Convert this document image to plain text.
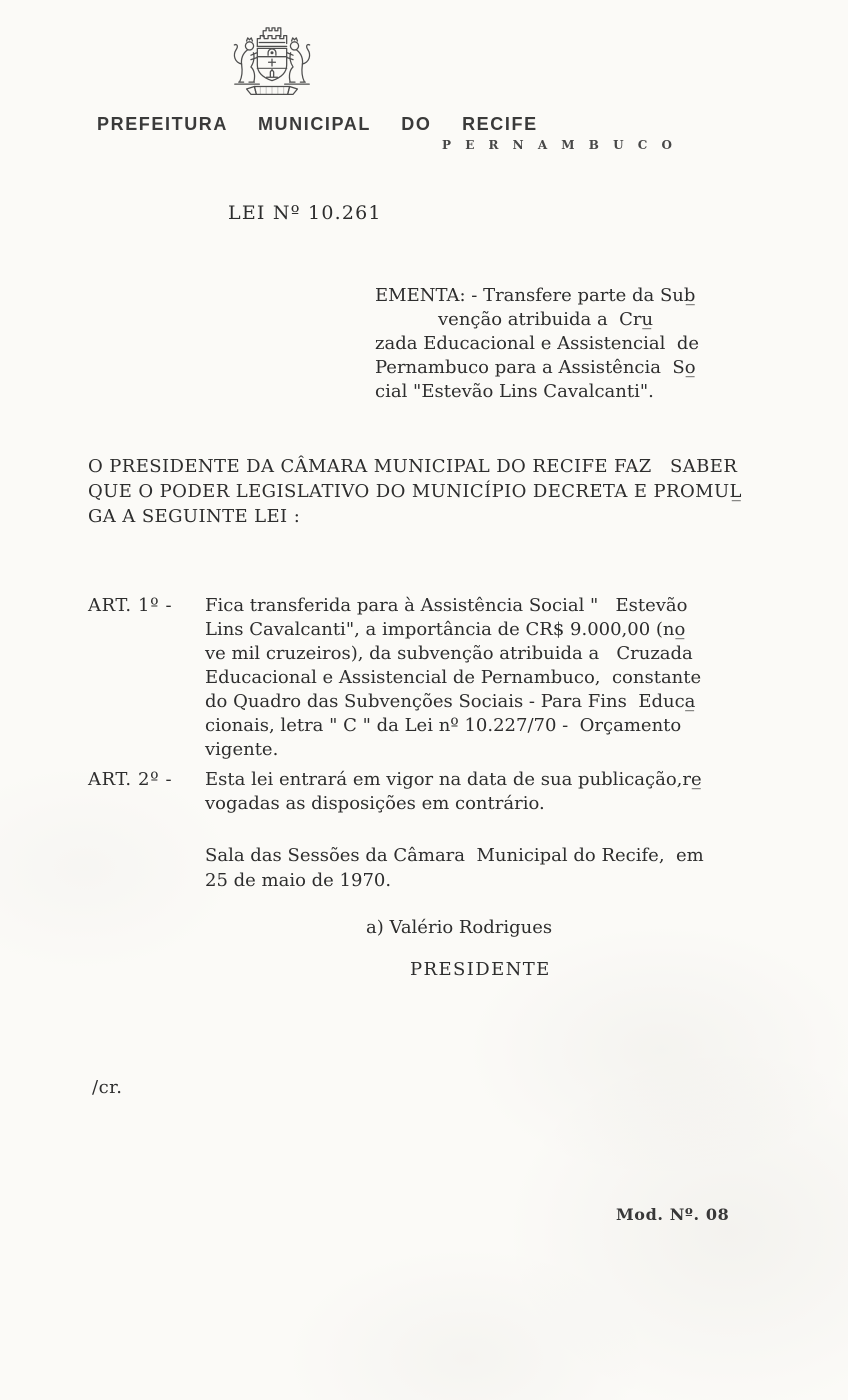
PREFEITURA MUNICIPAL DO RECIFE
P E R N A M B U C O
LEI Nº 10.261
EMENTA: - Transfere parte da Sub̲
venção atribuida a  Cru̲
zada Educacional e Assistencial  de
Pernambuco para a Assistência  So̲
cial "Estevão Lins Cavalcanti".
O PRESIDENTE DA CÂMARA MUNICIPAL DO RECIFE FAZ   SABER
QUE O PODER LEGISLATIVO DO MUNICÍPIO DECRETA E PROMUL̲
GA A SEGUINTE LEI :
ART. 1º - Fica transferida para à Assistência Social "   Estevão
Lins Cavalcanti", a importância de CR$ 9.000,00 (no̲
ve mil cruzeiros), da subvenção atribuida a   Cruzada
Educacional e Assistencial de Pernambuco,  constante
do Quadro das Subvenções Sociais - Para Fins  Educa̲
cionais, letra " C " da Lei nº 10.227/70 -  Orçamento
vigente.
ART. 2º - Esta lei entrará em vigor na data de sua publicação,re̲
vogadas as disposições em contrário.
Sala das Sessões da Câmara  Municipal do Recife,  em
25 de maio de 1970.
a) Valério Rodrigues
PRESIDENTE
/cr.
Mod. Nº. 08
